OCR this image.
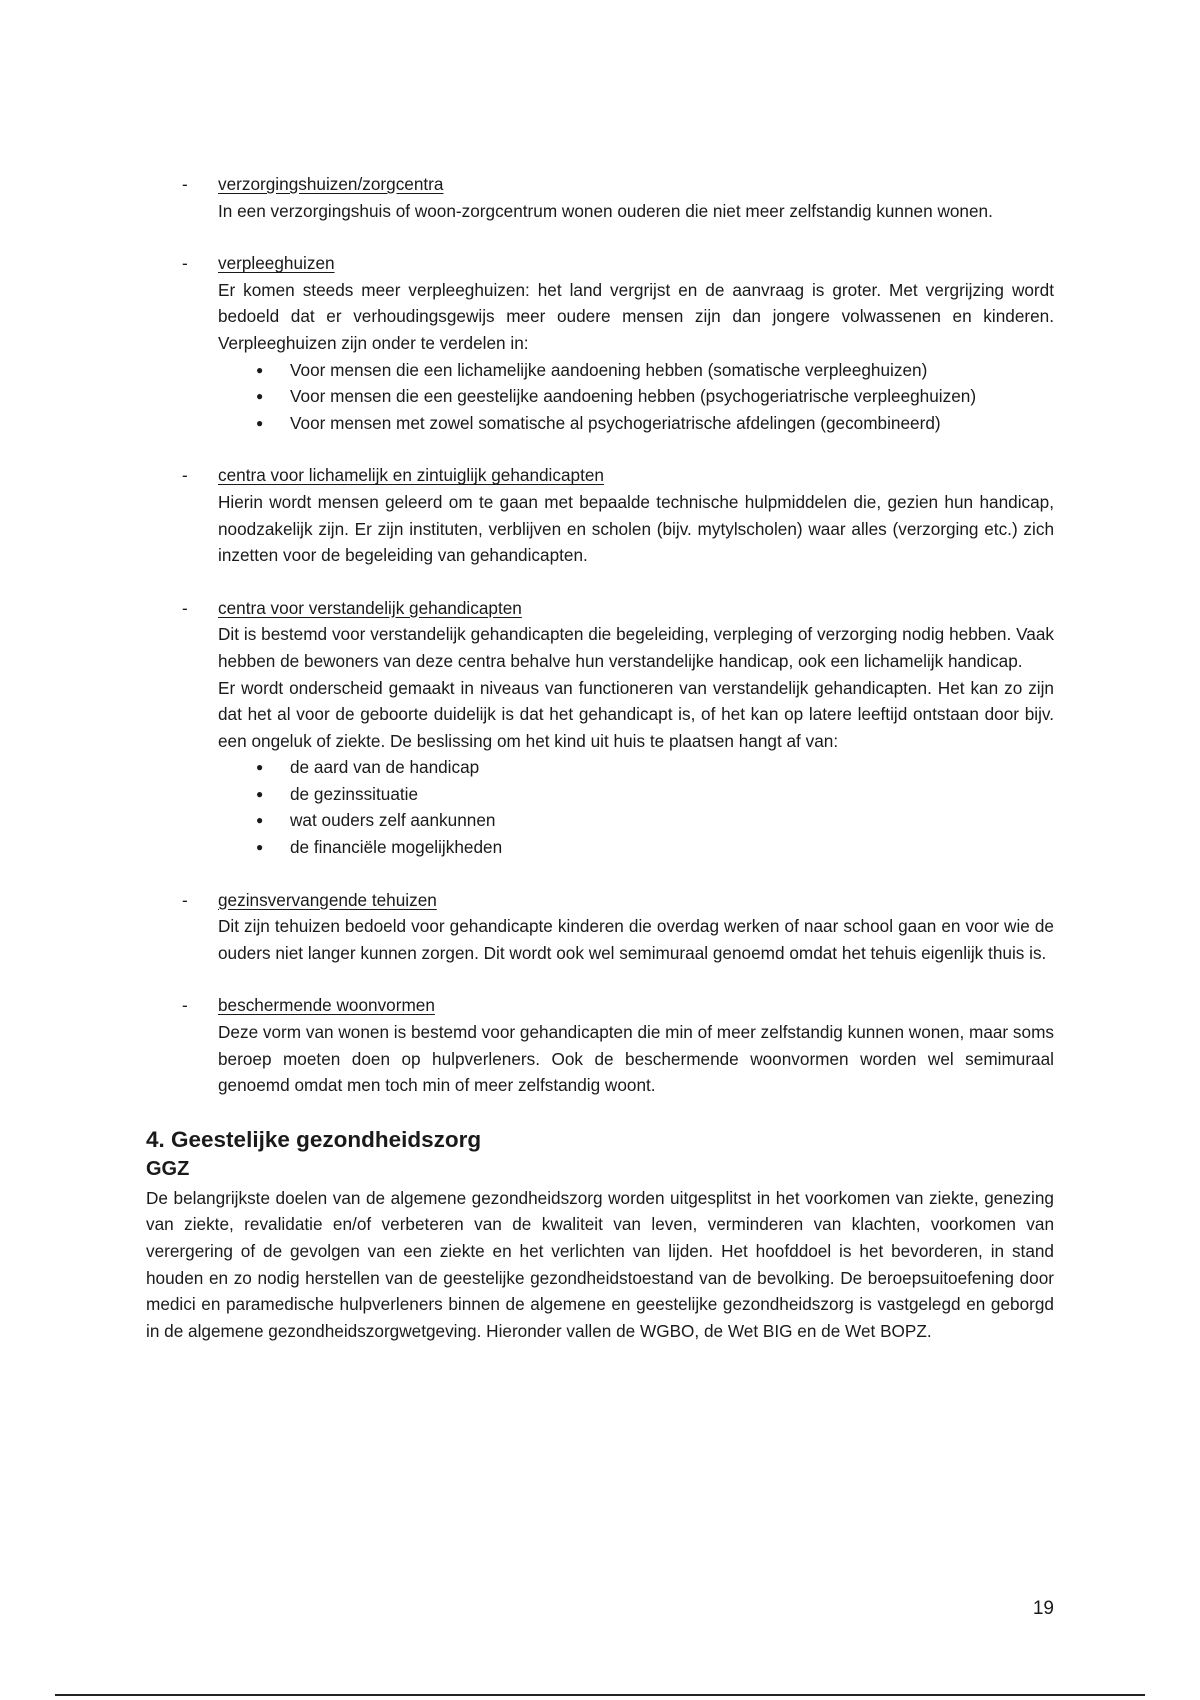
- verzorgingshuizen/zorgcentra

In een verzorgingshuis of woon-zorgcentrum wonen ouderen die niet meer zelfstandig kunnen wonen.

- verpleeghuizen

Er komen steeds meer verpleeghuizen: het land vergrijst en de aanvraag is groter. Met vergrijzing wordt bedoeld dat er verhoudingsgewijs meer oudere mensen zijn dan jongere volwassenen en kinderen. Verpleeghuizen zijn onder te verdelen in:

● Voor mensen die een lichamelijke aandoening hebben (somatische verpleeghuizen)
● Voor mensen die een geestelijke aandoening hebben (psychogeriatrische verpleeghuizen)
● Voor mensen met zowel somatische al psychogeriatrische afdelingen (gecombineerd)
- centra voor lichamelijk en zintuiglijk gehandicapten

Hierin wordt mensen geleerd om te gaan met bepaalde technische hulpmiddelen die, gezien hun handicap, noodzakelijk zijn. Er zijn instituten, verblijven en scholen (bijv. mytylscholen) waar alles (verzorging etc.) zich inzetten voor de begeleiding van gehandicapten.

- centra voor verstandelijk gehandicapten

Dit is bestemd voor verstandelijk gehandicapten die begeleiding, verpleging of verzorging nodig hebben. Vaak hebben de bewoners van deze centra behalve hun verstandelijke handicap, ook een lichamelijk handicap.

Er wordt onderscheid gemaakt in niveaus van functioneren van verstandelijk gehandicapten. Het kan zo zijn dat het al voor de geboorte duidelijk is dat het gehandicapt is, of het kan op latere leeftijd ontstaan door bijv. een ongeluk of ziekte. De beslissing om het kind uit huis te plaatsen hangt af van:

● de aard van de handicap
● de gezinssituatie
● wat ouders zelf aankunnen
● de financiële mogelijkheden
- gezinsvervangende tehuizen

Dit zijn tehuizen bedoeld voor gehandicapte kinderen die overdag werken of naar school gaan en voor wie de ouders niet langer kunnen zorgen. Dit wordt ook wel semimuraal genoemd omdat het tehuis eigenlijk thuis is.

- beschermende woonvormen

Deze vorm van wonen is bestemd voor gehandicapten die min of meer zelfstandig kunnen wonen, maar soms beroep moeten doen op hulpverleners. Ook de beschermende woonvormen worden wel semimuraal genoemd omdat men toch min of meer zelfstandig woont.

4. Geestelijke gezondheidszorg
GGZ

De belangrijkste doelen van de algemene gezondheidszorg worden uitgesplitst in het voorkomen van ziekte, genezing van ziekte, revalidatie en/of verbeteren van de kwaliteit van leven, verminderen van klachten, voorkomen van verergering of de gevolgen van een ziekte en het verlichten van lijden. Het hoofddoel is het bevorderen, in stand houden en zo nodig herstellen van de geestelijke gezondheidstoestand van de bevolking. De beroepsuitoefening door medici en paramedische hulpverleners binnen de algemene en geestelijke gezondheidszorg is vastgelegd en geborgd in de algemene gezondheidszorgwetgeving. Hieronder vallen de WGBO, de Wet BIG en de Wet BOPZ.

19
